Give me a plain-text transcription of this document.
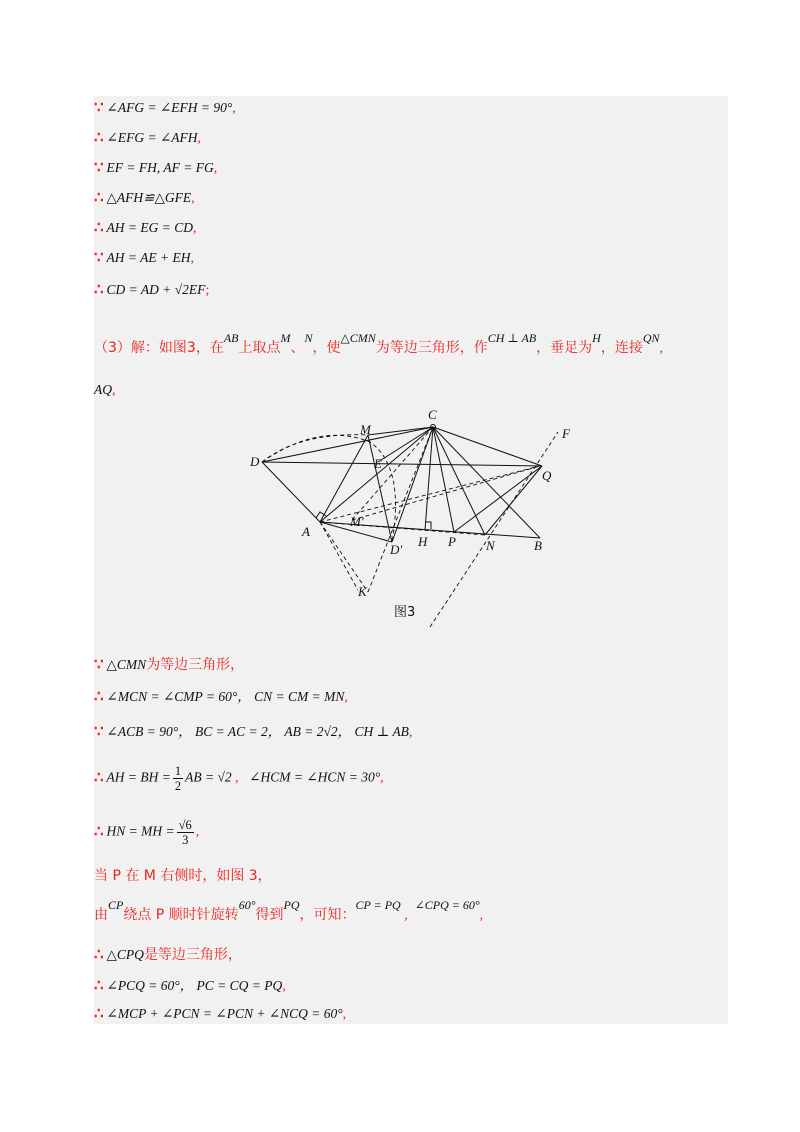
∵ ∠AFG = ∠EFH = 90°,
∴ ∠EFG = ∠AFH,
∵ EF = FH, AF = FG,
∴ △AFH≌△GFE,
∴ AH = EG = CD,
∵ AH = AE + EH,
∴ CD = AD + √2EF;
（3）解：如图3，在AB上取点M、N，使△CMN为等边三角形，作CH ⊥ AB，垂足为H，连接QN,
AQ,
C
M	F
D	E
Q
A
M′
D′
H P N	B
K
图3
∵ △CMN为等边三角形，
∴ ∠MCN = ∠CMP = 60°， CN = CM = MN,
∵ ∠ACB = 90°， BC = AC = 2， AB = 2√2， CH ⊥ AB,
∴ AH = BH = $\frac{1}{2}$ AB = √2 ,   ∠HCM = ∠HCN = 30°,
∴ HN = MH = $\frac{√6}{3}$ ,
当 P 在 M 右侧时，如图 3，
由CP绕点 P 顺时针旋转60°得到PQ，可知：CP = PQ ,  ∠CPQ = 60°,
∴ △CPQ是等边三角形，
∴ ∠PCQ = 60°， PC = CQ = PQ,
∴ ∠MCP + ∠PCN = ∠PCN + ∠NCQ = 60°,
